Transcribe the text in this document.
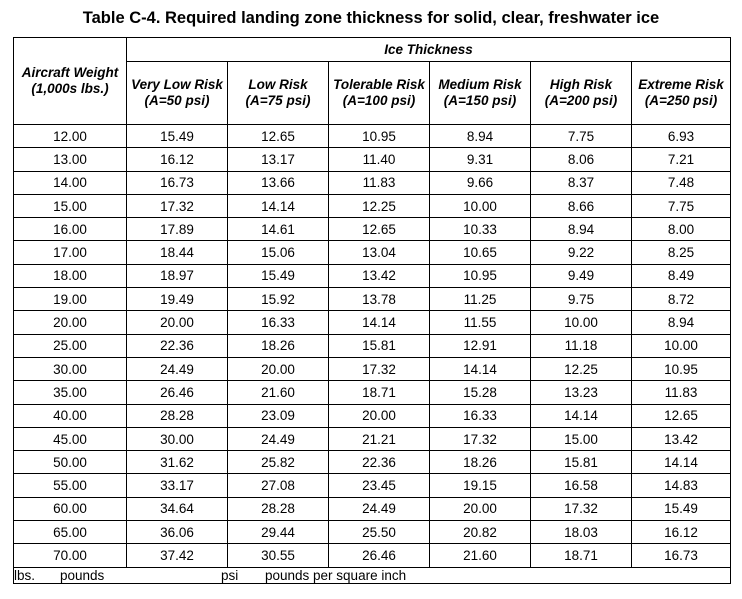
Table C-4. Required landing zone thickness for solid, clear, freshwater ice
Aircraft Weight (1,000s lbs.)	Ice Thickness					
	Very Low Risk (A=50 psi)	Low Risk (A=75 psi)	Tolerable Risk (A=100 psi)	Medium Risk (A=150 psi)	High Risk (A=200 psi)	Extreme Risk (A=250 psi)
12.00	15.49	12.65	10.95	8.94	7.75	6.93
13.00	16.12	13.17	11.40	9.31	8.06	7.21
14.00	16.73	13.66	11.83	9.66	8.37	7.48
15.00	17.32	14.14	12.25	10.00	8.66	7.75
16.00	17.89	14.61	12.65	10.33	8.94	8.00
17.00	18.44	15.06	13.04	10.65	9.22	8.25
18.00	18.97	15.49	13.42	10.95	9.49	8.49
19.00	19.49	15.92	13.78	11.25	9.75	8.72
20.00	20.00	16.33	14.14	11.55	10.00	8.94
25.00	22.36	18.26	15.81	12.91	11.18	10.00
30.00	24.49	20.00	17.32	14.14	12.25	10.95
35.00	26.46	21.60	18.71	15.28	13.23	11.83
40.00	28.28	23.09	20.00	16.33	14.14	12.65
45.00	30.00	24.49	21.21	17.32	15.00	13.42
50.00	31.62	25.82	22.36	18.26	15.81	14.14
55.00	33.17	27.08	23.45	19.15	16.58	14.83
60.00	34.64	28.28	24.49	20.00	17.32	15.49
65.00	36.06	29.44	25.50	20.82	18.03	16.12
70.00	37.42	30.55	26.46	21.60	18.71	16.73
lbs. pounds psi pounds per square inch						
